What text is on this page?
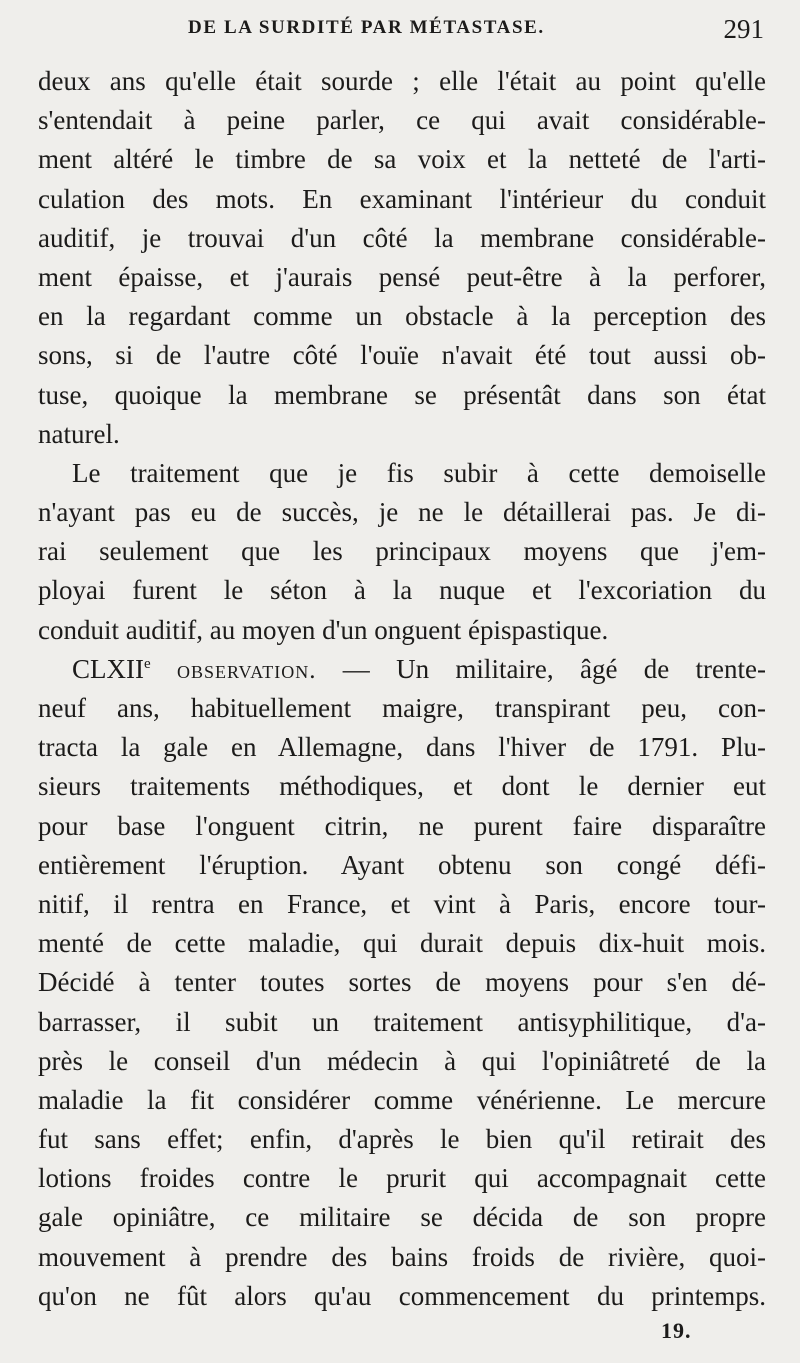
DE LA SURDITÉ PAR MÉTASTASE.	291
deux ans qu'elle était sourde ; elle l'était au point qu'elle
s'entendait à peine parler, ce qui avait considérable-
ment altéré le timbre de sa voix et la netteté de l'arti-
culation des mots. En examinant l'intérieur du conduit
auditif, je trouvai d'un côté la membrane considérable-
ment épaisse, et j'aurais pensé peut-être à la perforer,
en la regardant comme un obstacle à la perception des
sons, si de l'autre côté l'ouïe n'avait été tout aussi ob-
tuse, quoique la membrane se présentât dans son état
naturel.
Le traitement que je fis subir à cette demoiselle
n'ayant pas eu de succès, je ne le détaillerai pas. Je di-
rai seulement que les principaux moyens que j'em-
ployai furent le séton à la nuque et l'excoriation du
conduit auditif, au moyen d'un onguent épispastique.
CLXIIe observation. — Un militaire, âgé de trente-
neuf ans, habituellement maigre, transpirant peu, con-
tracta la gale en Allemagne, dans l'hiver de 1791. Plu-
sieurs traitements méthodiques, et dont le dernier eut
pour base l'onguent citrin, ne purent faire disparaître
entièrement l'éruption. Ayant obtenu son congé défi-
nitif, il rentra en France, et vint à Paris, encore tour-
menté de cette maladie, qui durait depuis dix-huit mois.
Décidé à tenter toutes sortes de moyens pour s'en dé-
barrasser, il subit un traitement antisyphilitique, d'a-
près le conseil d'un médecin à qui l'opiniâtreté de la
maladie la fit considérer comme vénérienne. Le mercure
fut sans effet; enfin, d'après le bien qu'il retirait des
lotions froides contre le prurit qui accompagnait cette
gale opiniâtre, ce militaire se décida de son propre
mouvement à prendre des bains froids de rivière, quoi-
qu'on ne fût alors qu'au commencement du printemps.
19.
